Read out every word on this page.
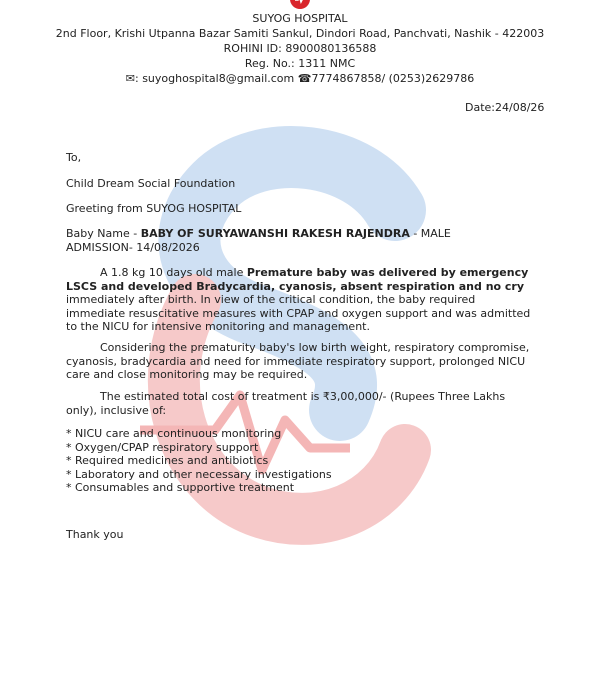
SUYOG HOSPITAL
2nd Floor, Krishi Utpanna Bazar Samiti Sankul, Dindori Road, Panchvati, Nashik - 422003
ROHINI ID: 8900080136588
Reg. No.: 1311 NMC
✉: suyoghospital8@gmail.com ☎7774867858/ (0253)2629786
Date:24/08/26
To,
Child Dream Social Foundation
Greeting from SUYOG HOSPITAL
Baby Name - BABY OF SURYAWANSHI RAKESH RAJENDRA - MALE
ADMISSION- 14/08/2026
A 1.8 kg 10 days old male Premature baby was delivered by emergency LSCS and developed Bradycardia, cyanosis, absent respiration and no cry immediately after birth. In view of the critical condition, the baby required immediate resuscitative measures with CPAP and oxygen support and was admitted to the NICU for intensive monitoring and management.
Considering the prematurity baby's low birth weight, respiratory compromise, cyanosis, bradycardia and need for immediate respiratory support, prolonged NICU care and close monitoring may be required.
The estimated total cost of treatment is ₹3,00,000/- (Rupees Three Lakhs only), inclusive of:
* NICU care and continuous monitoring
* Oxygen/CPAP respiratory support
* Required medicines and antibiotics
* Laboratory and other necessary investigations
* Consumables and supportive treatment
Thank you
